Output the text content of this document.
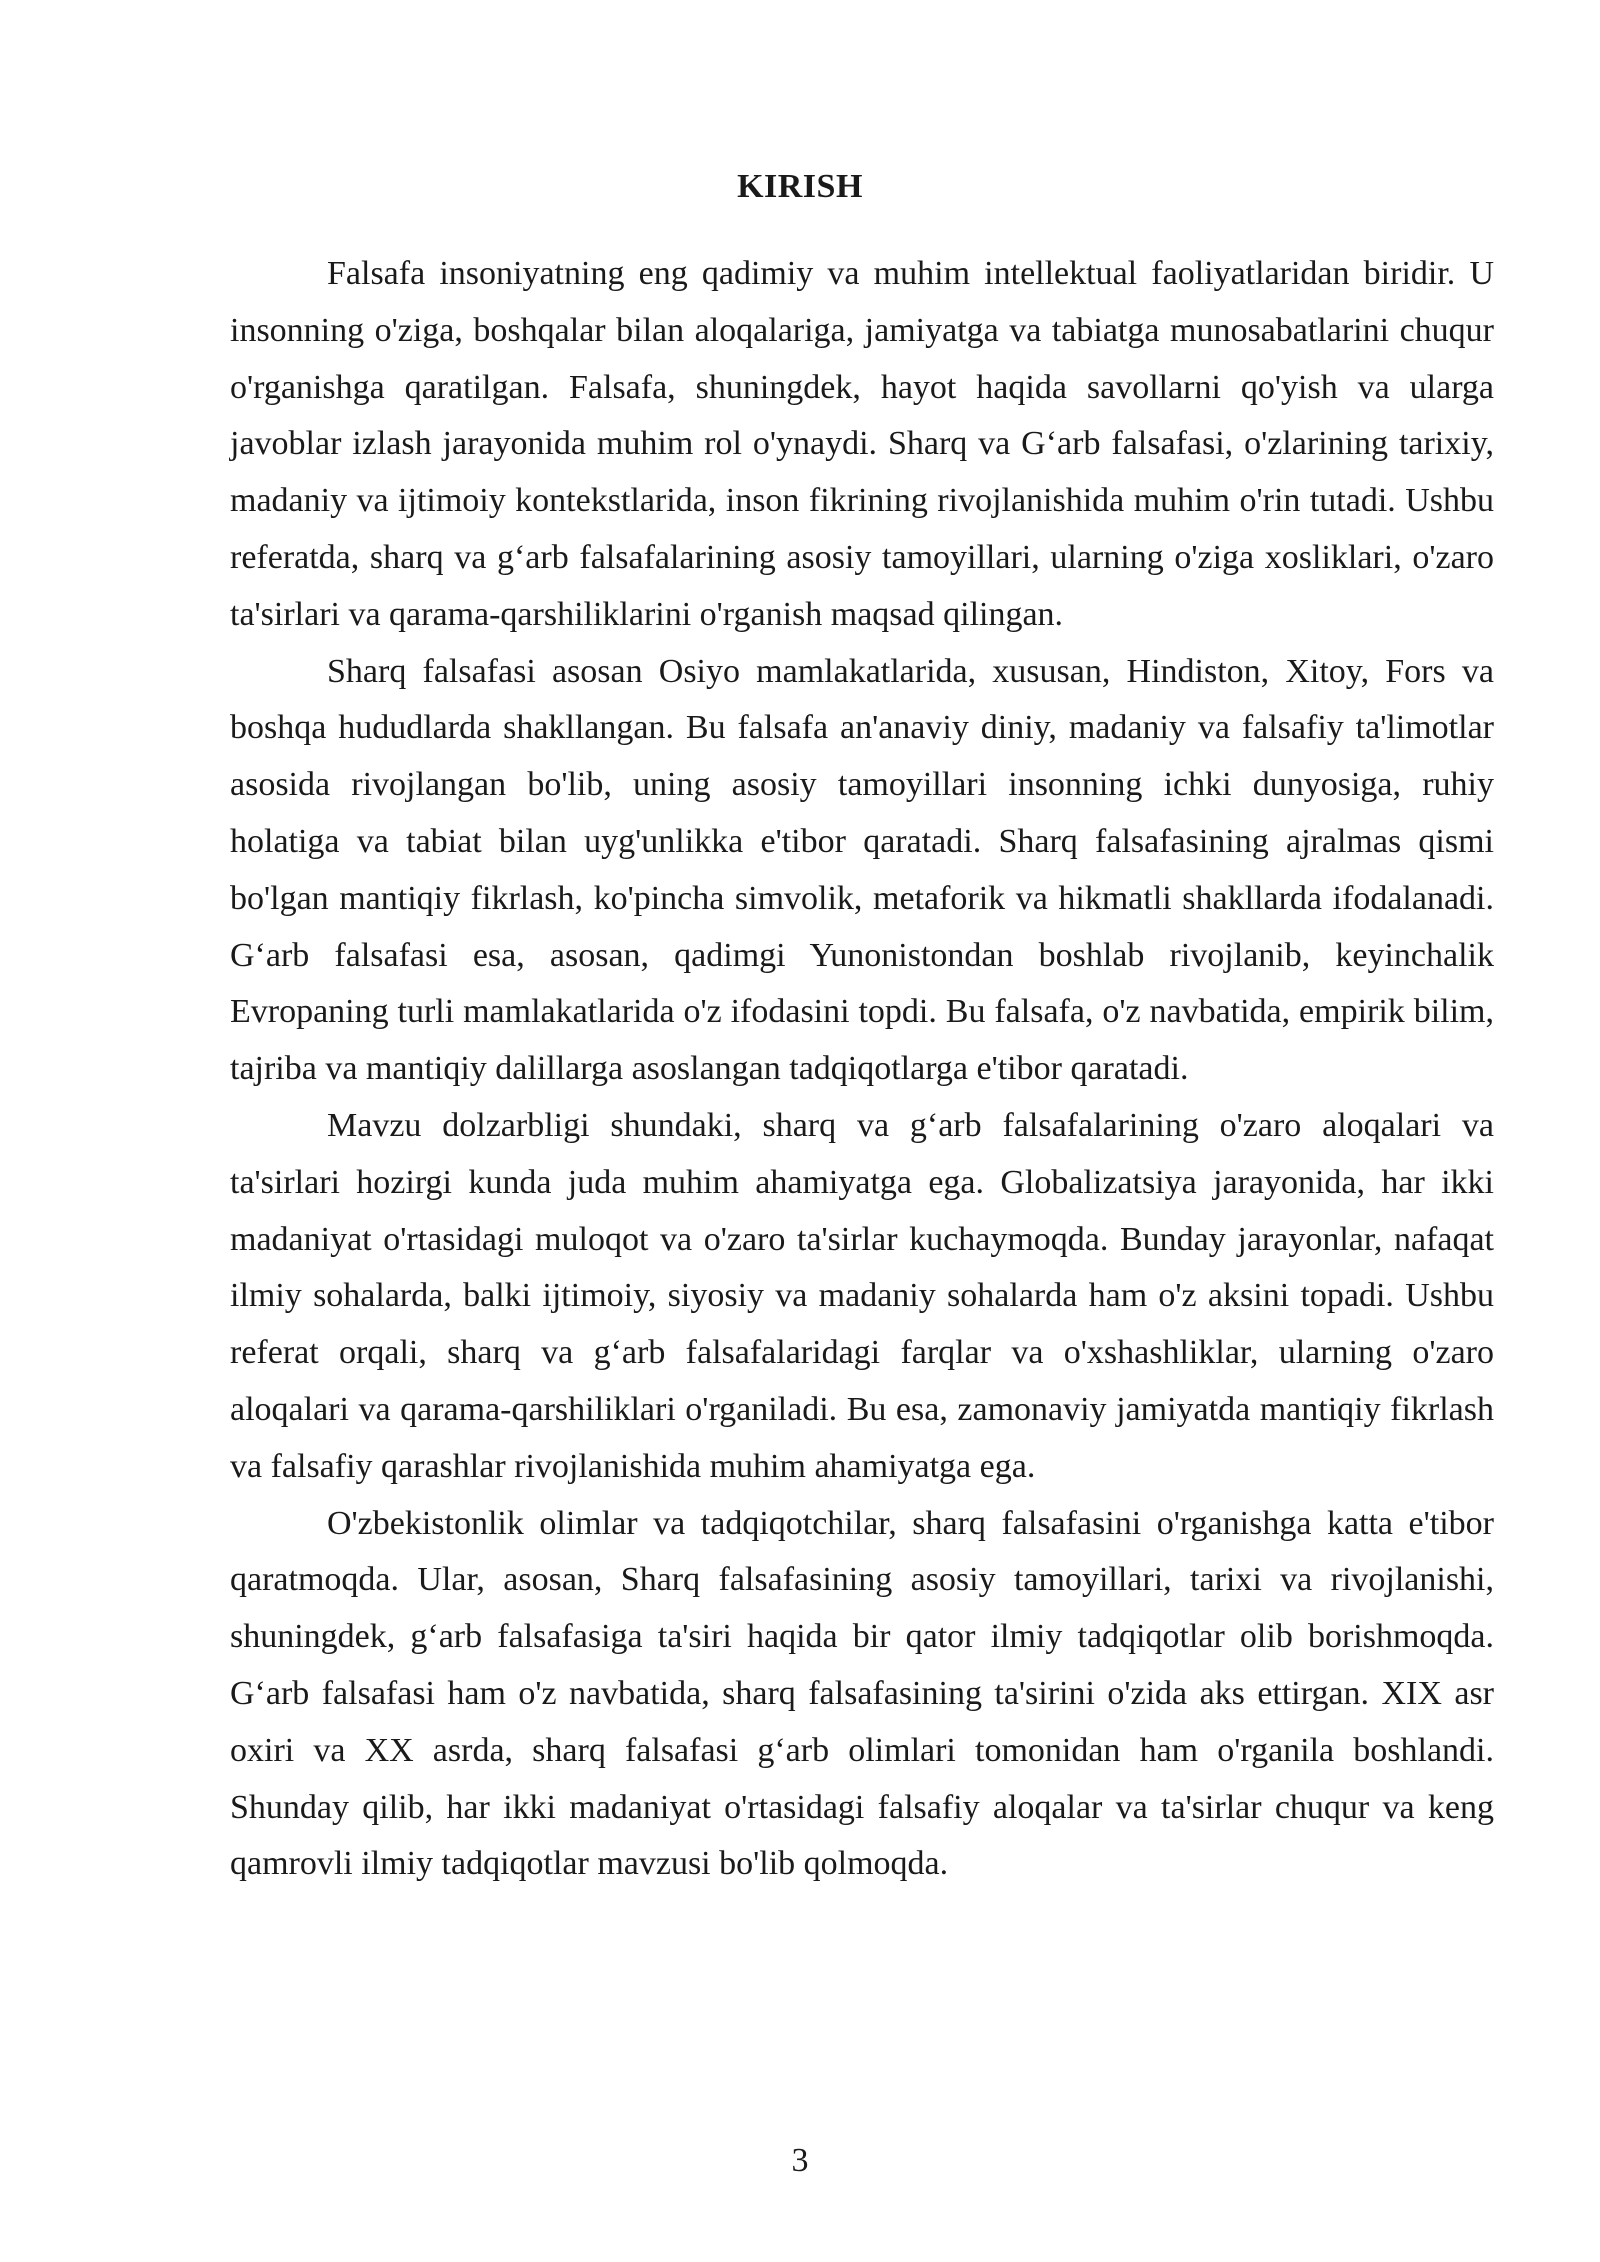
KIRISH

Falsafa insoniyatning eng qadimiy va muhim intellektual faoliyatlaridan biridir. U insonning o'ziga, boshqalar bilan aloqalariga, jamiyatga va tabiatga munosabatlarini chuqur o'rganishga qaratilgan. Falsafa, shuningdek, hayot haqida savollarni qo'yish va ularga javoblar izlash jarayonida muhim rol o'ynaydi. Sharq va G‘arb falsafasi, o'zlarining tarixiy, madaniy va ijtimoiy kontekstlarida, inson fikrining rivojlanishida muhim o'rin tutadi. Ushbu referatda, sharq va g‘arb falsafalarining asosiy tamoyillari, ularning o'ziga xosliklari, o'zaro ta'sirlari va qarama-qarshiliklarini o'rganish maqsad qilingan.

Sharq falsafasi asosan Osiyo mamlakatlarida, xususan, Hindiston, Xitoy, Fors va boshqa hududlarda shakllangan. Bu falsafa an'anaviy diniy, madaniy va falsafiy ta'limotlar asosida rivojlangan bo'lib, uning asosiy tamoyillari insonning ichki dunyosiga, ruhiy holatiga va tabiat bilan uyg'unlikka e'tibor qaratadi. Sharq falsafasining ajralmas qismi bo'lgan mantiqiy fikrlash, ko'pincha simvolik, metaforik va hikmatli shakllarda ifodalanadi. G‘arb falsafasi esa, asosan, qadimgi Yunonistondan boshlab rivojlanib, keyinchalik Evropaning turli mamlakatlarida o'z ifodasini topdi. Bu falsafa, o'z navbatida, empirik bilim, tajriba va mantiqiy dalillarga asoslangan tadqiqotlarga e'tibor qaratadi.

Mavzu dolzarbligi shundaki, sharq va g‘arb falsafalarining o'zaro aloqalari va ta'sirlari hozirgi kunda juda muhim ahamiyatga ega. Globalizatsiya jarayonida, har ikki madaniyat o'rtasidagi muloqot va o'zaro ta'sirlar kuchaymoqda. Bunday jarayonlar, nafaqat ilmiy sohalarda, balki ijtimoiy, siyosiy va madaniy sohalarda ham o'z aksini topadi. Ushbu referat orqali, sharq va g‘arb falsafalaridagi farqlar va o'xshashliklar, ularning o'zaro aloqalari va qarama-qarshiliklari o'rganiladi. Bu esa, zamonaviy jamiyatda mantiqiy fikrlash va falsafiy qarashlar rivojlanishida muhim ahamiyatga ega.

O'zbekistonlik olimlar va tadqiqotchilar, sharq falsafasini o'rganishga katta e'tibor qaratmoqda. Ular, asosan, Sharq falsafasining asosiy tamoyillari, tarixi va rivojlanishi, shuningdek, g‘arb falsafasiga ta'siri haqida bir qator ilmiy tadqiqotlar olib borishmoqda. G‘arb falsafasi ham o'z navbatida, sharq falsafasining ta'sirini o'zida aks ettirgan. XIX asr oxiri va XX asrda, sharq falsafasi g‘arb olimlari tomonidan ham o'rganila boshlandi. Shunday qilib, har ikki madaniyat o'rtasidagi falsafiy aloqalar va ta'sirlar chuqur va keng qamrovli ilmiy tadqiqotlar mavzusi bo'lib qolmoqda.

3
